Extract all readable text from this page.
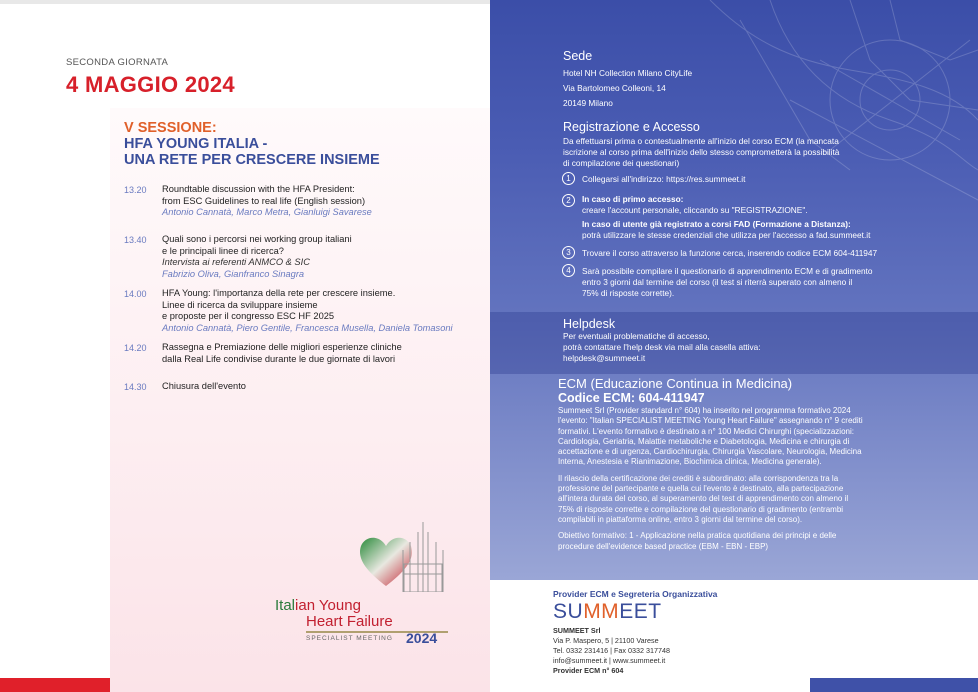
SECONDA GIORNATA
4 MAGGIO 2024
V SESSIONE:
HFA YOUNG ITALIA -
UNA RETE PER CRESCERE INSIEME
13.20 Roundtable discussion with the HFA President:
from ESC Guidelines to real life (English session)
Antonio Cannatà, Marco Metra, Gianluigi Savarese
13.40 Quali sono i percorsi nei working group italiani
e le principali linee di ricerca?
Intervista ai referenti ANMCO & SIC
Fabrizio Oliva, Gianfranco Sinagra
14.00 HFA Young: l'importanza della rete per crescere insieme.
Linee di ricerca da sviluppare insieme
e proposte per il congresso ESC HF 2025
Antonio Cannatà, Piero Gentile, Francesca Musella, Daniela Tomasoni
14.20 Rassegna e Premiazione delle migliori esperienze cliniche
dalla Real Life condivise durante le due giornate di lavori
14.30 Chiusura dell'evento
Italian Young
Heart Failure
SPECIALIST MEETING 2024
Sede
Hotel NH Collection Milano CityLife
Via Bartolomeo Colleoni, 14
20149 Milano
Registrazione e Accesso
Da effettuarsi prima o contestualmente all'inizio del corso ECM (la mancata
iscrizione al corso prima dell'inizio dello stesso comprometterà la possibilità
di compilazione dei questionari)
1	Collegarsi all'indirizzo: https://res.summeet.it
2	In caso di primo accesso:
creare l'account personale, cliccando su "REGISTRAZIONE".
In caso di utente già registrato a corsi FAD (Formazione a Distanza):
potrà utilizzare le stesse credenziali che utilizza per l'accesso a fad.summeet.it
3	Trovare il corso attraverso la funzione cerca, inserendo codice ECM 604-411947
4	Sarà possibile compilare il questionario di apprendimento ECM e di gradimento
entro 3 giorni dal termine del corso (il test si riterrà superato con almeno il
75% di risposte corrette).
Helpdesk
Per eventuali problematiche di accesso,
potrà contattare l'help desk via mail alla casella attiva:
helpdesk@summeet.it
ECM (Educazione Continua in Medicina)
Codice ECM: 604-411947
Summeet Srl (Provider standard n° 604) ha inserito nel programma formativo 2024
l'evento: "Italian SPECIALIST MEETING Young Heart Failure" assegnando n° 9 crediti
formativi. L'evento formativo è destinato a n° 100 Medici Chirurghi (specializzazioni:
Cardiologia, Geriatria, Malattie metaboliche e Diabetologia, Medicina e chirurgia di
accettazione e di urgenza, Cardiochirurgia, Chirurgia Vascolare, Neurologia, Medicina
Interna, Anestesia e Rianimazione, Biochimica clinica, Medicina generale).
Il rilascio della certificazione dei crediti è subordinato: alla corrispondenza tra la
professione del partecipante e quella cui l'evento è destinato, alla partecipazione
all'intera durata del corso, al superamento del test di apprendimento con almeno il
75% di risposte corrette e compilazione del questionario di gradimento (entrambi
compilabili in piattaforma online, entro 3 giorni dal termine del corso).
Obiettivo formativo: 1 - Applicazione nella pratica quotidiana dei principi e delle
procedure dell'evidence based practice (EBM - EBN - EBP)
Provider ECM e Segreteria Organizzativa
SUMMEET
SUMMEET Srl
Via P. Maspero, 5 | 21100 Varese
Tel. 0332 231416 | Fax 0332 317748
info@summeet.it | www.summeet.it
Provider ECM n° 604
